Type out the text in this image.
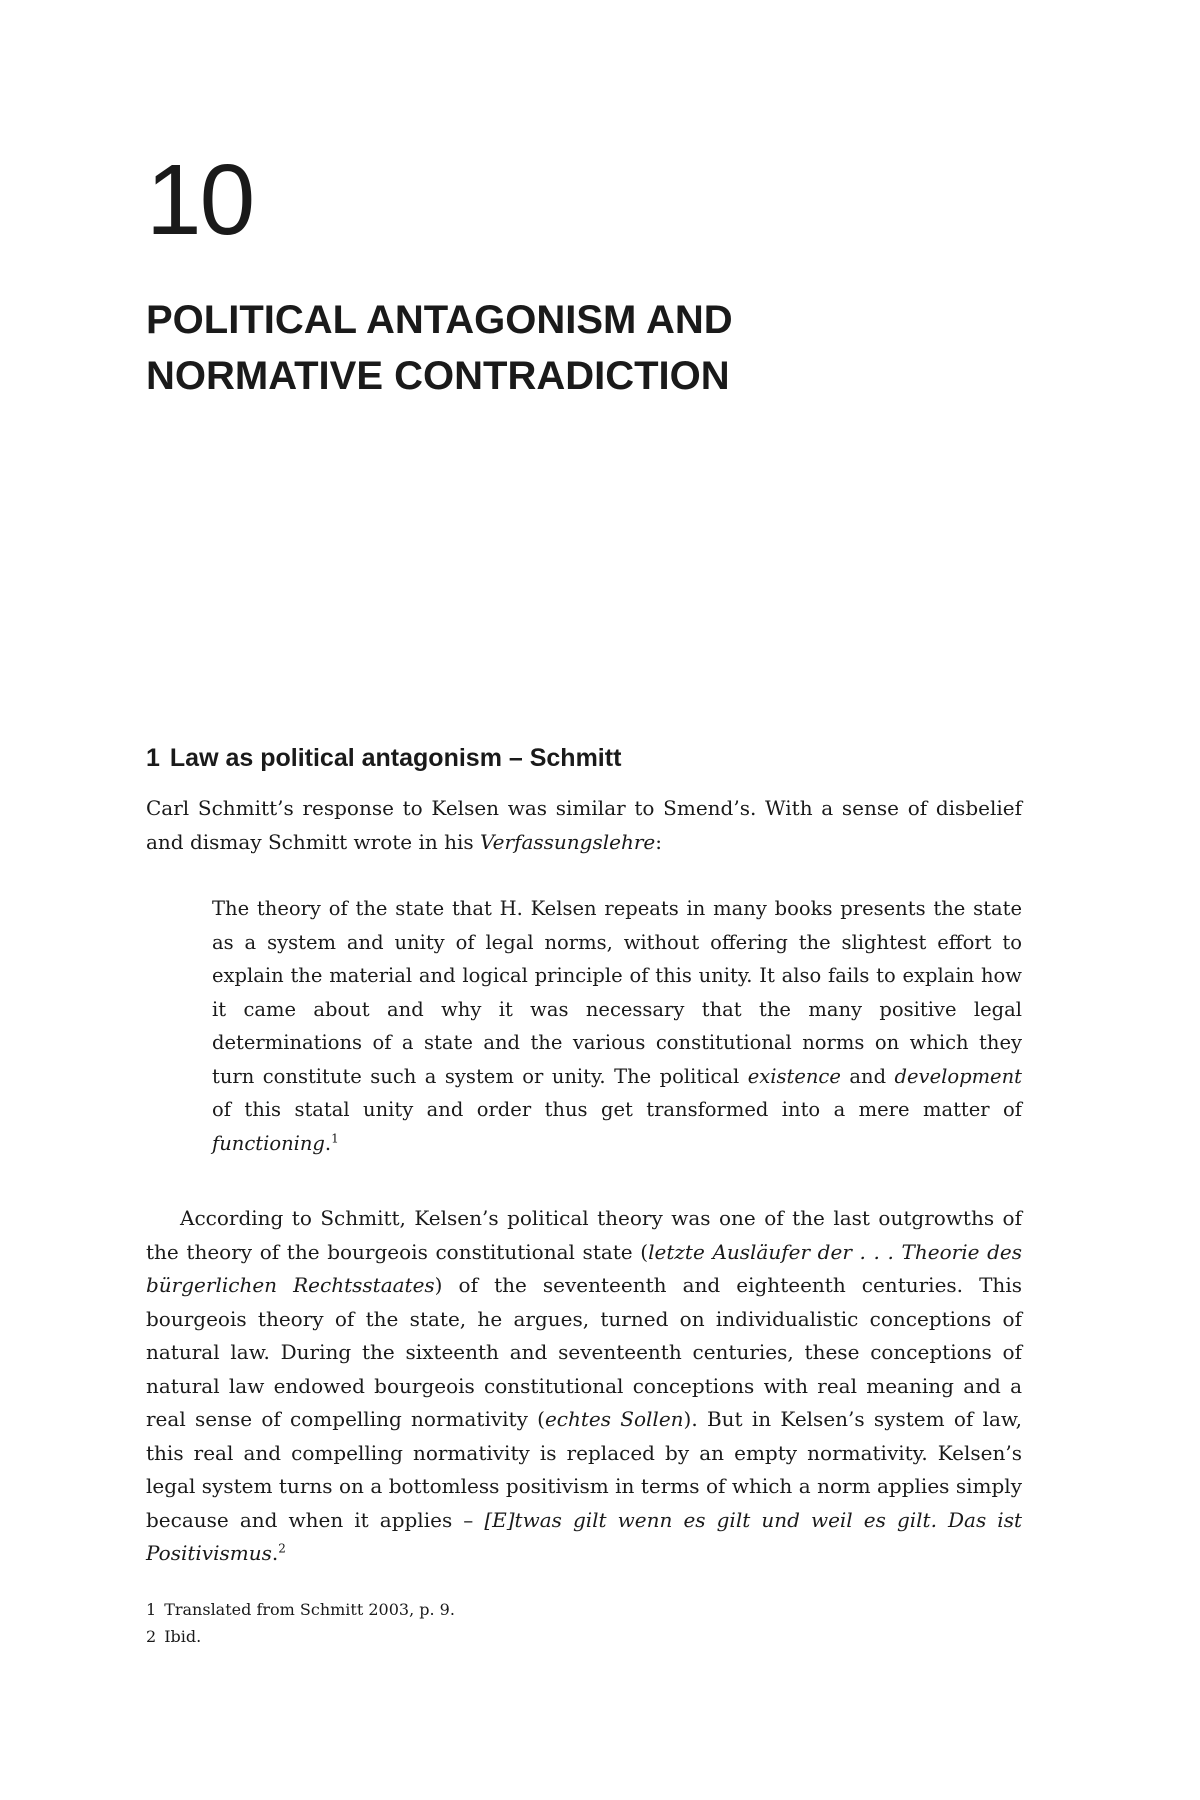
10
POLITICAL ANTAGONISM AND
NORMATIVE CONTRADICTION
1 Law as political antagonism – Schmitt

Carl Schmitt’s response to Kelsen was similar to Smend’s. With a sense of disbelief and dismay Schmitt wrote in his Verfassungslehre:

The theory of the state that H. Kelsen repeats in many books presents the state as a system and unity of legal norms, without offering the slightest effort to explain the material and logical principle of this unity. It also fails to explain how it came about and why it was necessary that the many positive legal determinations of a state and the various constitutional norms on which they turn constitute such a system or unity. The political existence and development of this statal unity and order thus get transformed into a mere matter of functioning.$^1$

According to Schmitt, Kelsen’s political theory was one of the last outgrowths of the theory of the bourgeois constitutional state (letzte Ausläufer der . . . Theorie des bürgerlichen Rechtsstaates) of the seventeenth and eighteenth centuries. This bourgeois theory of the state, he argues, turned on individualistic conceptions of natural law. During the sixteenth and seventeenth centuries, these conceptions of natural law endowed bourgeois constitutional conceptions with real meaning and a real sense of compelling normativity (echtes Sollen). But in Kelsen’s system of law, this real and compelling normativity is replaced by an empty normativity. Kelsen’s legal system turns on a bottomless positivism in terms of which a norm applies simply because and when it applies – [E]twas gilt wenn es gilt und weil es gilt. Das ist Positivismus.$^2$

1 Translated from Schmitt 2003, p. 9.
2 Ibid.
